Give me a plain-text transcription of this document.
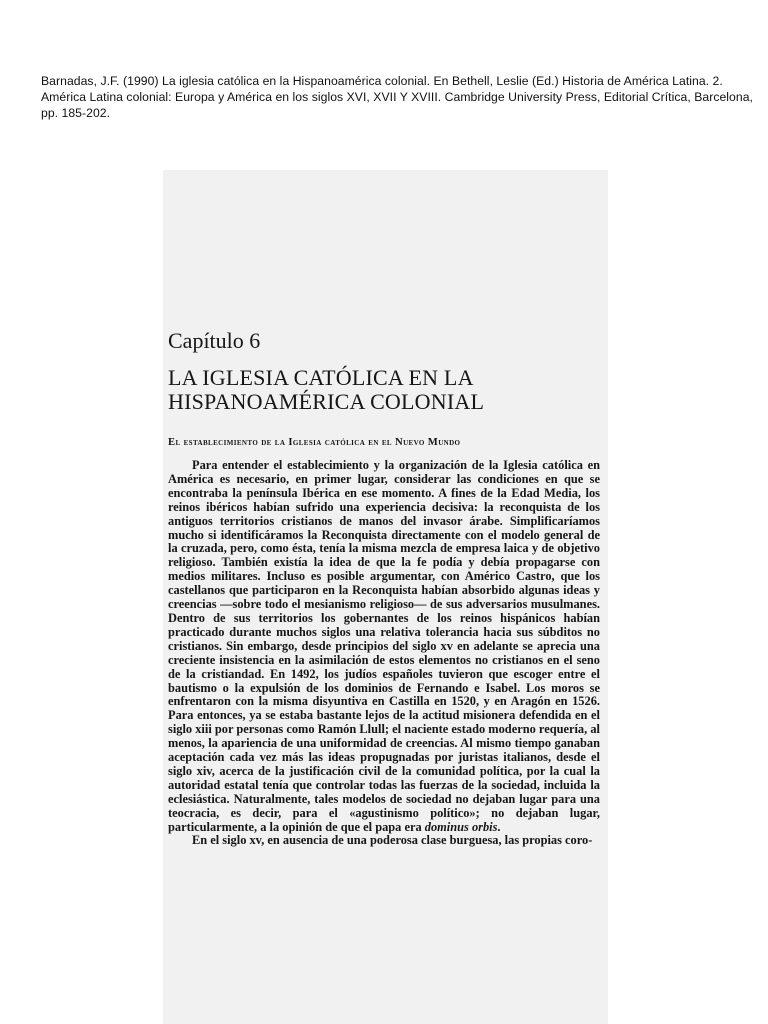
Barnadas, J.F. (1990) La iglesia católica en la Hispanoamérica colonial. En Bethell, Leslie (Ed.) Historia de América Latina. 2. América Latina colonial: Europa y América en los siglos XVI, XVII Y XVIII. Cambridge University Press, Editorial Crítica, Barcelona, pp. 185-202.
Capítulo 6
LA IGLESIA CATÓLICA EN LA HISPANOAMÉRICA COLONIAL
El establecimiento de la Iglesia católica en el Nuevo Mundo

Para entender el establecimiento y la organización de la Iglesia católica en América es necesario, en primer lugar, considerar las condiciones en que se encontraba la península Ibérica en ese momento. A fines de la Edad Media, los reinos ibéricos habían sufrido una experiencia decisiva: la reconquista de los antiguos territorios cristianos de manos del invasor árabe. Simplificaríamos mucho si identificáramos la Reconquista directamente con el modelo general de la cruzada, pero, como ésta, tenía la misma mezcla de empresa laica y de objetivo religioso. También existía la idea de que la fe podía y debía propagarse con medios militares. Incluso es posible argumentar, con Américo Castro, que los castellanos que participaron en la Reconquista habían absorbido algunas ideas y creencias —sobre todo el mesianismo religioso— de sus adversarios musulmanes. Dentro de sus territorios los gobernantes de los reinos hispánicos habían practicado durante muchos siglos una relativa tolerancia hacia sus súbditos no cristianos. Sin embargo, desde principios del siglo xv en adelante se aprecia una creciente insistencia en la asimilación de estos elementos no cristianos en el seno de la cristiandad. En 1492, los judíos españoles tuvieron que escoger entre el bautismo o la expulsión de los dominios de Fernando e Isabel. Los moros se enfrentaron con la misma disyuntiva en Castilla en 1520, y en Aragón en 1526. Para entonces, ya se estaba bastante lejos de la actitud misionera defendida en el siglo xiii por personas como Ramón Llull; el naciente estado moderno requería, al menos, la apariencia de una uniformidad de creencias. Al mismo tiempo ganaban aceptación cada vez más las ideas propugnadas por juristas italianos, desde el siglo xiv, acerca de la justificación civil de la comunidad política, por la cual la autoridad estatal tenía que controlar todas las fuerzas de la sociedad, incluida la eclesiástica. Naturalmente, tales modelos de sociedad no dejaban lugar para una teocracia, es decir, para el «agustinismo político»; no dejaban lugar, particularmente, a la opinión de que el papa era dominus orbis.

En el siglo xv, en ausencia de una poderosa clase burguesa, las propias coro-
